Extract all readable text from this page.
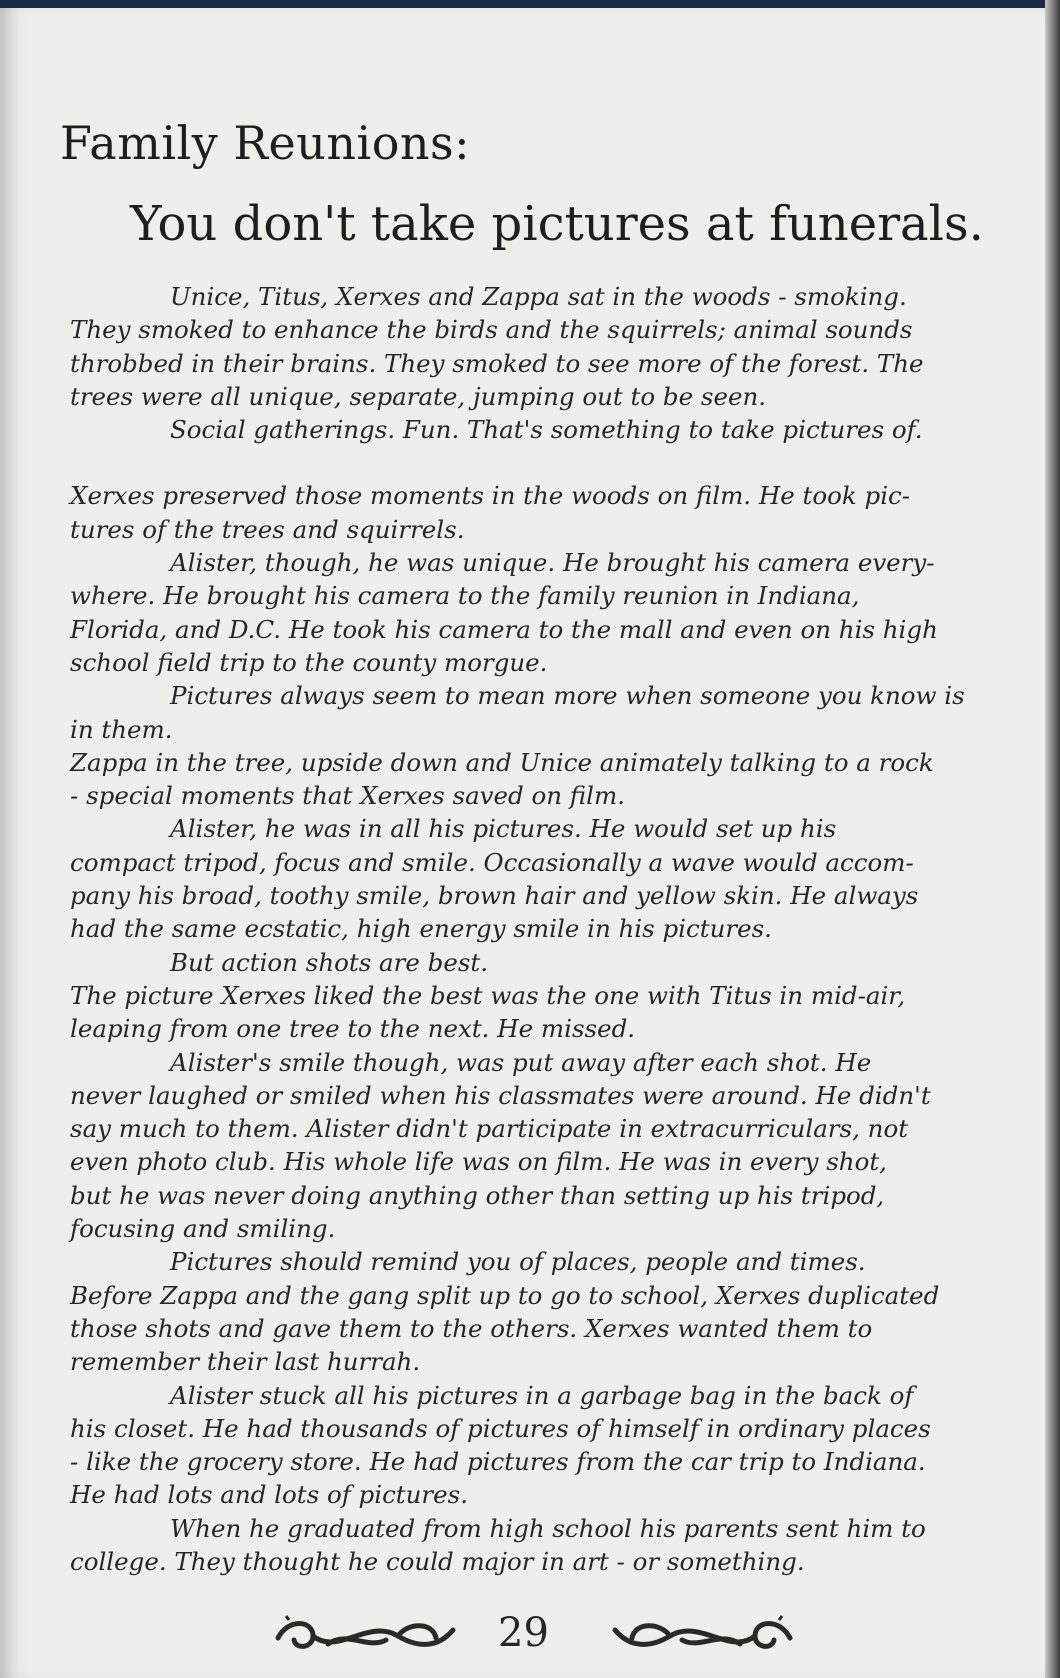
Family Reunions:
You don't take pictures at funerals.

Unice, Titus, Xerxes and Zappa sat in the woods - smoking.

They smoked to enhance the birds and the squirrels; animal sounds

throbbed in their brains. They smoked to see more of the forest. The

trees were all unique, separate, jumping out to be seen.

Social gatherings. Fun. That's something to take pictures of.

Xerxes preserved those moments in the woods on film. He took pic-

tures of the trees and squirrels.

Alister, though, he was unique. He brought his camera every-

where. He brought his camera to the family reunion in Indiana,

Florida, and D.C. He took his camera to the mall and even on his high

school field trip to the county morgue.

Pictures always seem to mean more when someone you know is

in them.

Zappa in the tree, upside down and Unice animately talking to a rock

- special moments that Xerxes saved on film.

Alister, he was in all his pictures. He would set up his

compact tripod, focus and smile. Occasionally a wave would accom-

pany his broad, toothy smile, brown hair and yellow skin. He always

had the same ecstatic, high energy smile in his pictures.

But action shots are best.

The picture Xerxes liked the best was the one with Titus in mid-air,

leaping from one tree to the next. He missed.

Alister's smile though, was put away after each shot. He

never laughed or smiled when his classmates were around. He didn't

say much to them. Alister didn't participate in extracurriculars, not

even photo club. His whole life was on film. He was in every shot,

but he was never doing anything other than setting up his tripod,

focusing and smiling.

Pictures should remind you of places, people and times.

Before Zappa and the gang split up to go to school, Xerxes duplicated

those shots and gave them to the others. Xerxes wanted them to

remember their last hurrah.

Alister stuck all his pictures in a garbage bag in the back of

his closet. He had thousands of pictures of himself in ordinary places

- like the grocery store. He had pictures from the car trip to Indiana.

He had lots and lots of pictures.

When he graduated from high school his parents sent him to

college. They thought he could major in art - or something.

29
